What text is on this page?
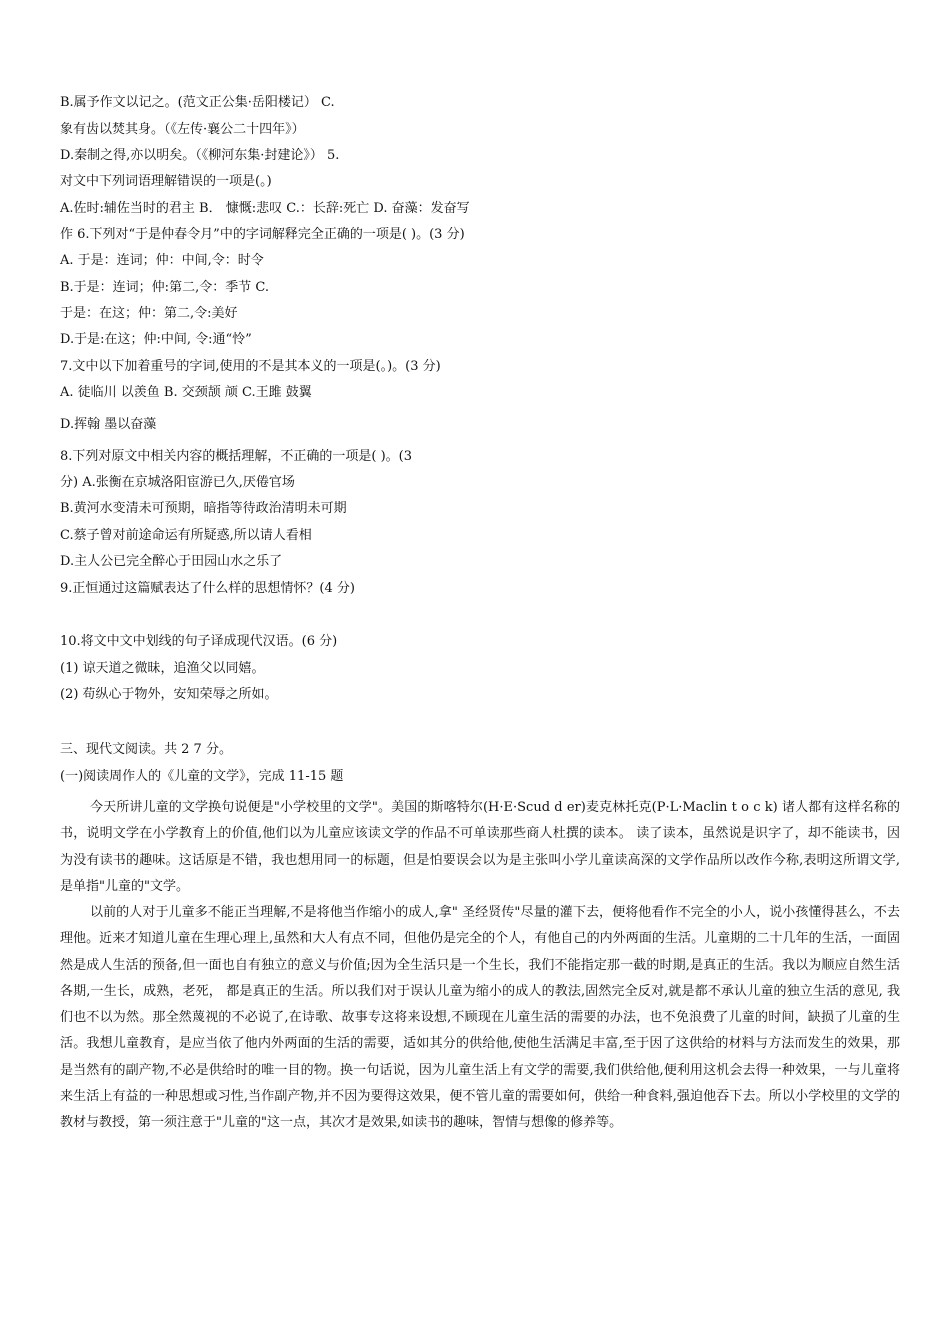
B.属予作文以记之。(范文正公集·岳阳楼记） C.
象有齿以焚其身。（《左传·襄公二十四年》）
D.秦制之得,亦以明矣。（《柳河东集·封建论》） 5.
对文中下列词语理解错误的一项是(｡)
A.佐时:辅佐当时的君主 B． 慷慨:悲叹 C.：长辞:死亡 D. 奋藻：发奋写
作 6.下列对“于是仲春令月”中的字词解释完全正确的一项是( )。(3 分)
A. 于是：连词；仲：中间,令：时令
B.于是：连词；仲:第二,令：季节 C.
于是：在这；仲：第二,令:美好
D.于是:在这；仲:中间, 令:通“怜”
7.文中以下加着重号的字词,使用的不是其本义的一项是(｡)。(3 分)
A. 徒临川 以羡鱼 B. 交颈颉 颃 C.王雎 鼓翼
D.挥翰 墨以奋藻
8.下列对原文中相关内容的概括理解，不正确的一项是( )。(3
分) A.张衡在京城洛阳宦游已久,厌倦官场
B.黄河水变清未可预期，暗指等待政治清明未可期
C.蔡子曾对前途命运有所疑惑,所以请人看相
D.主人公已完全醉心于田园山水之乐了
9.正恒通过这篇赋表达了什么样的思想情怀？(4 分)
10.将文中文中划线的句子译成现代汉语。(6 分)
(1) 谅天道之微昧，追渔父以同嬉。
(2) 苟纵心于物外，安知荣辱之所如。
三、现代文阅读。共 2 7 分。
(一)阅读周作人的《儿童的文学》，完成 11-15 题
今天所讲儿童的文学换句说便是"小学校里的文学"。美国的斯喀特尔(H·E·Scud d er)麦克林托克(P·L·Maclin t o c k) 诸人都有这样名称的书，说明文学在小学教育上的价值,他们以为儿童应该读文学的作品不可单读那些商人杜撰的读本。 读了读本，虽然说是识字了，却不能读书，因为没有读书的趣味。这话原是不错，我也想用同一的标题，但是怕要误会以为是主张叫小学儿童读高深的文学作品所以改作今称,表明这所谓文学,是单指"儿童的"文学。
以前的人对于儿童多不能正当理解,不是将他当作缩小的成人,拿" 圣经贤传"尽量的灌下去，便将他看作不完全的小人，说小孩懂得甚么，不去理他。近来才知道儿童在生理心理上,虽然和大人有点不同，但他仍是完全的个人，有他自己的内外两面的生活。儿童期的二十几年的生活，一面固然是成人生活的预备,但一面也自有独立的意义与价值;因为全生活只是一个生长，我们不能指定那一截的时期,是真正的生活。我以为顺应自然生活各期,一生长，成熟，老死， 都是真正的生活。所以我们对于误认儿童为缩小的成人的教法,固然完全反对,就是都不承认儿童的独立生活的意见, 我们也不以为然。那全然蔑视的不必说了,在诗歌、故事专这将来设想,不顾现在儿童生活的需要的办法，也不免浪费了儿童的时间，缺损了儿童的生活。我想儿童教育，是应当依了他内外两面的生活的需要，适如其分的供给他,使他生活满足丰富,至于因了这供给的材料与方法而发生的效果，那是当然有的副产物,不必是供给时的唯一目的物。换一句话说，因为儿童生活上有文学的需要,我们供给他,便利用这机会去得一种效果，一与儿童将来生活上有益的一种思想或习性,当作副产物,并不因为要得这效果，便不管儿童的需要如何，供给一种食料,强迫他吞下去。所以小学校里的文学的教材与教授，第一须注意于"儿童的"这一点，其次才是效果,如读书的趣味，智情与想像的修养等。
